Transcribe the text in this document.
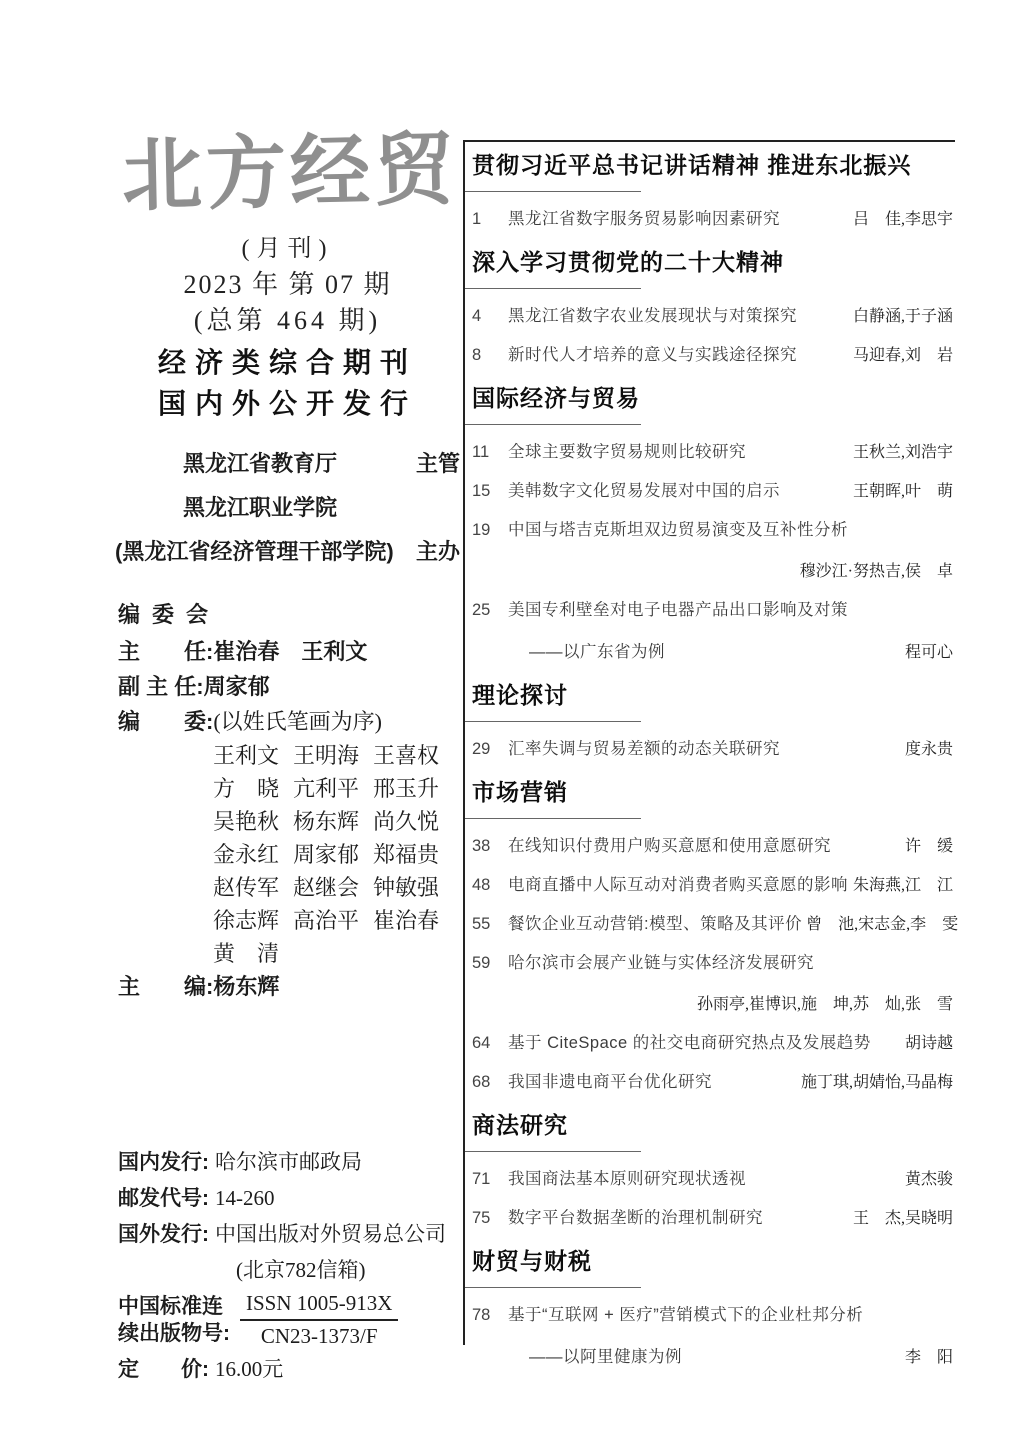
北方经贸
(月刊)
2023 年 第 07 期
(总第 464 期)
经济类综合期刊
国内外公开发行
黑龙江省教育厅	主管
黑龙江职业学院
(黑龙江省经济管理干部学院)	主办
编委会
主　　任:崔治春　王利文
副 主 任:周家郁
编　　委:(以姓氏笔画为序)
王利文 王明海 王喜权
方　晓 亢利平 邢玉升
吴艳秋 杨东辉 尚久悦
金永红 周家郁 郑福贵
赵传军 赵继会 钟敏强
徐志辉 高治平 崔治春
黄　清
主　　编:杨东辉
国内发行: 哈尔滨市邮政局
邮发代号: 14-260
国外发行: 中国出版对外贸易总公司
(北京782信箱)
中国标准连
续出版物号:
ISSN 1005-913X
CN23-1373/F
定　　价: 16.00元
贯彻习近平总书记讲话精神 推进东北振兴
1	黑龙江省数字服务贸易影响因素研究	吕　佳,李思宇
深入学习贯彻党的二十大精神
4	黑龙江省数字农业发展现状与对策探究	白静涵,于子涵
8	新时代人才培养的意义与实践途径探究	马迎春,刘　岩
国际经济与贸易
11	全球主要数字贸易规则比较研究	王秋兰,刘浩宇
15	美韩数字文化贸易发展对中国的启示	王朝晖,叶　萌
19	中国与塔吉克斯坦双边贸易演变及互补性分析
穆沙江·努热吉,侯　卓
25	美国专利壁垒对电子电器产品出口影响及对策
——以广东省为例	程可心
理论探讨
29	汇率失调与贸易差额的动态关联研究	度永贵
市场营销
38	在线知识付费用户购买意愿和使用意愿研究	许　缓
48	电商直播中人际互动对消费者购买意愿的影响 朱海燕,江　江
55	餐饮企业互动营销:模型、策略及其评价 曾　池,宋志金,李　雯
59	哈尔滨市会展产业链与实体经济发展研究
孙雨亭,崔博识,施　坤,苏　灿,张　雪
64	基于 CiteSpace 的社交电商研究热点及发展趋势	胡诗越
68	我国非遗电商平台优化研究	施丁琪,胡婧怡,马晶梅
商法研究
71	我国商法基本原则研究现状透视	黄杰骏
75	数字平台数据垄断的治理机制研究	王　杰,吴晓明
财贸与财税
78	基于“互联网 + 医疗”营销模式下的企业杜邦分析
——以阿里健康为例	李　阳
